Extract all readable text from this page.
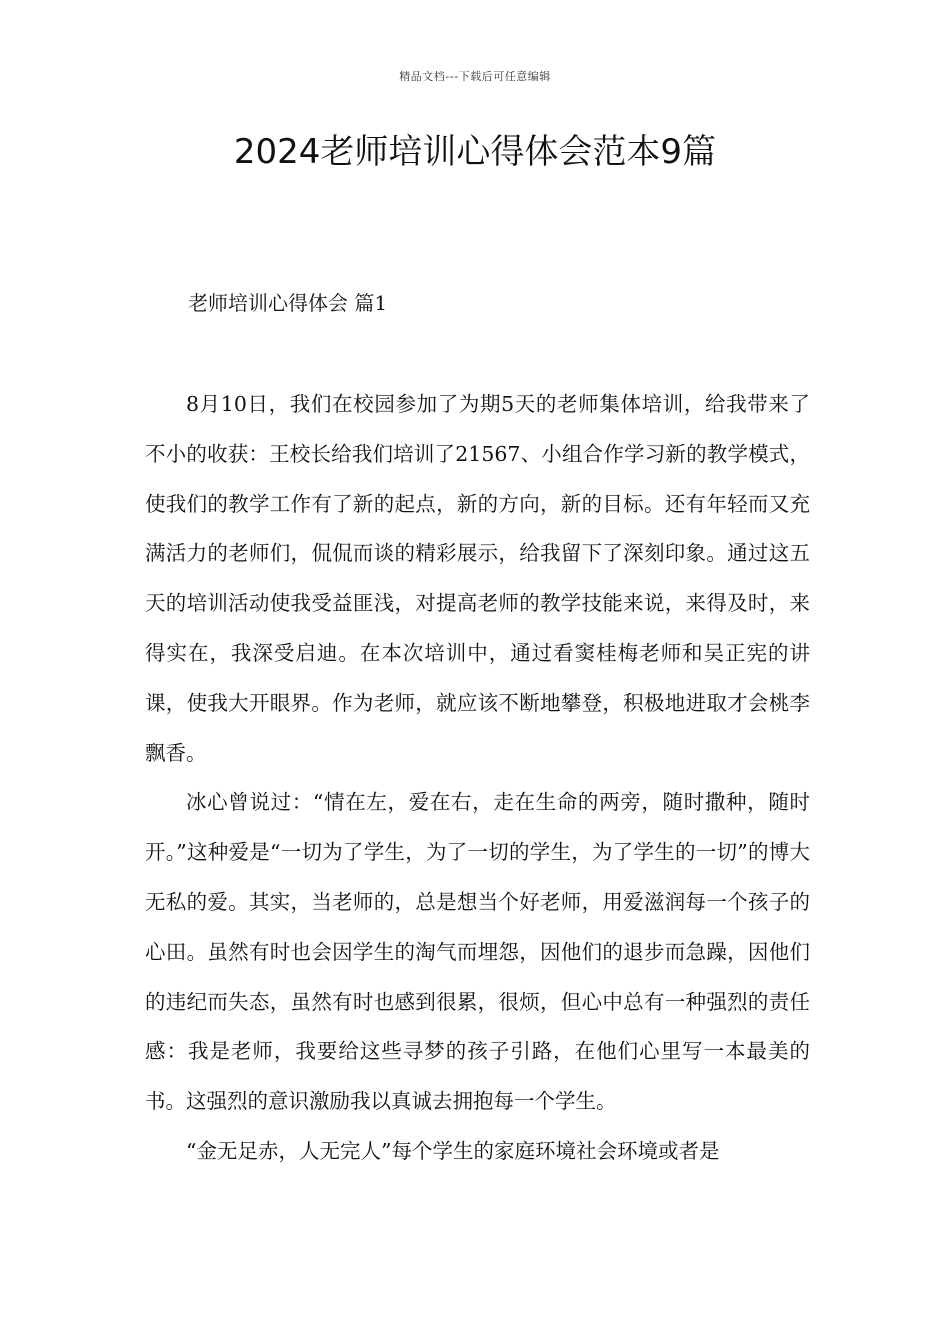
精品文档---下载后可任意编辑
2024老师培训心得体会范本9篇
老师培训心得体会 篇1

8月10日，我们在校园参加了为期5天的老师集体培训，给我带来了不小的收获：王校长给我们培训了21567、小组合作学习新的教学模式，使我们的教学工作有了新的起点，新的方向，新的目标。还有年轻而又充满活力的老师们，侃侃而谈的精彩展示，给我留下了深刻印象。通过这五天的培训活动使我受益匪浅，对提高老师的教学技能来说，来得及时，来得实在，我深受启迪。在本次培训中，通过看窦桂梅老师和吴正宪的讲课，使我大开眼界。作为老师，就应该不断地攀登，积极地进取才会桃李飘香。

冰心曾说过：“情在左，爱在右，走在生命的两旁，随时撒种，随时开。”这种爱是“一切为了学生，为了一切的学生，为了学生的一切”的博大无私的爱。其实，当老师的，总是想当个好老师，用爱滋润每一个孩子的心田。虽然有时也会因学生的淘气而埋怨，因他们的退步而急躁，因他们的违纪而失态，虽然有时也感到很累，很烦，但心中总有一种强烈的责任感：我是老师，我要给这些寻梦的孩子引路，在他们心里写一本最美的书。这强烈的意识激励我以真诚去拥抱每一个学生。

“金无足赤，人无完人”每个学生的家庭环境社会环境或者是
